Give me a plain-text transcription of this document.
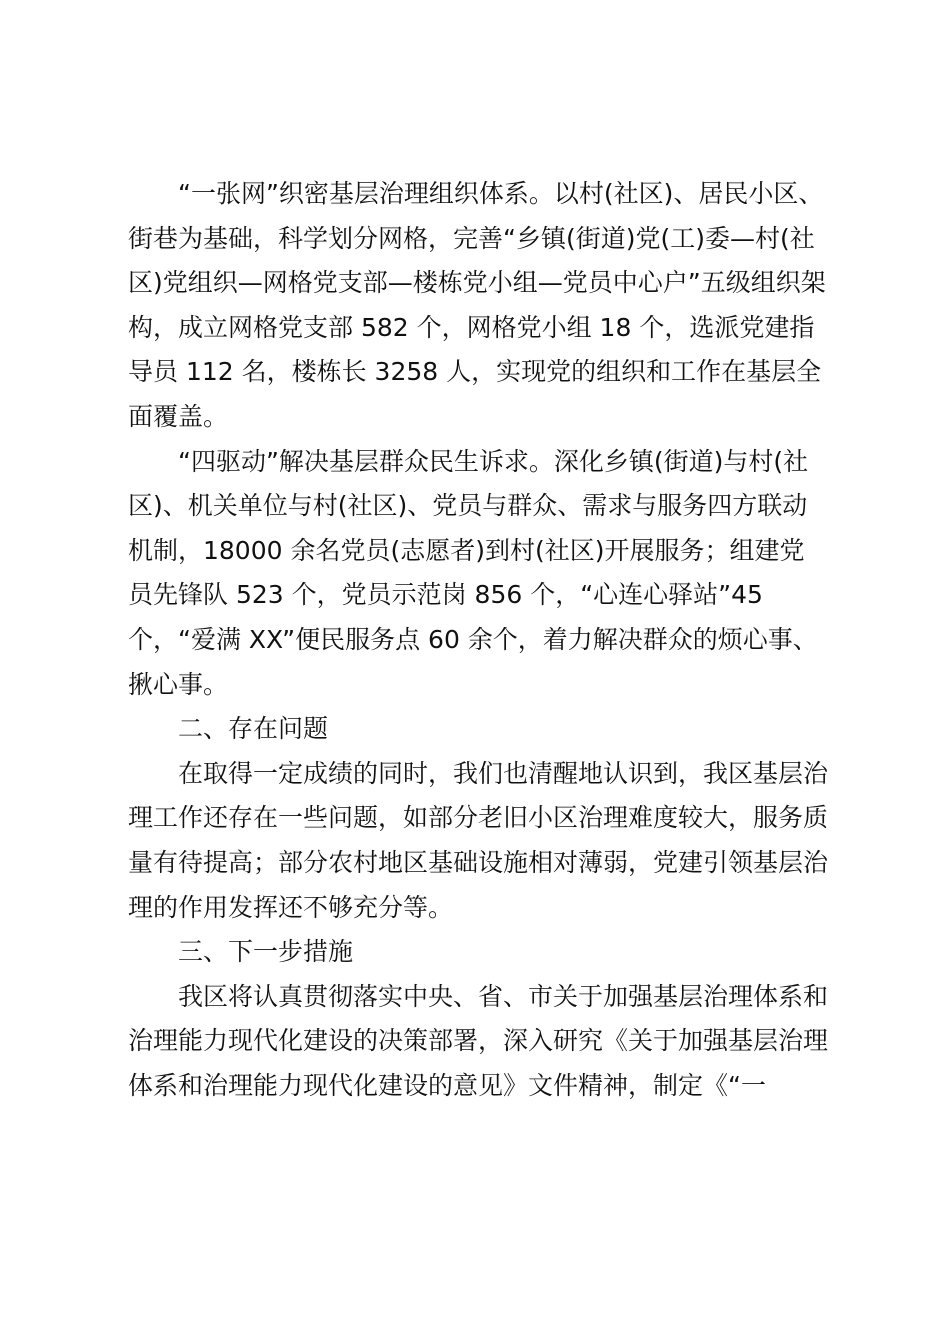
“一张网”织密基层治理组织体系。以村(社区)、居民小区、街巷为基础，科学划分网格，完善“乡镇(街道)党(工)委—村(社区)党组织—网格党支部—楼栋党小组—党员中心户”五级组织架构，成立网格党支部 582 个，网格党小组 18 个，选派党建指导员 112 名，楼栋长 3258 人，实现党的组织和工作在基层全面覆盖。

“四驱动”解决基层群众民生诉求。深化乡镇(街道)与村(社区)、机关单位与村(社区)、党员与群众、需求与服务四方联动机制，18000 余名党员(志愿者)到村(社区)开展服务；组建党员先锋队 523 个，党员示范岗 856 个，“心连心驿站”45 个，“爱满 XX”便民服务点 60 余个，着力解决群众的烦心事、揪心事。

二、存在问题

在取得一定成绩的同时，我们也清醒地认识到，我区基层治理工作还存在一些问题，如部分老旧小区治理难度较大，服务质量有待提高；部分农村地区基础设施相对薄弱，党建引领基层治理的作用发挥还不够充分等。

三、下一步措施

我区将认真贯彻落实中央、省、市关于加强基层治理体系和治理能力现代化建设的决策部署，深入研究《关于加强基层治理体系和治理能力现代化建设的意见》文件精神，制定《“一
